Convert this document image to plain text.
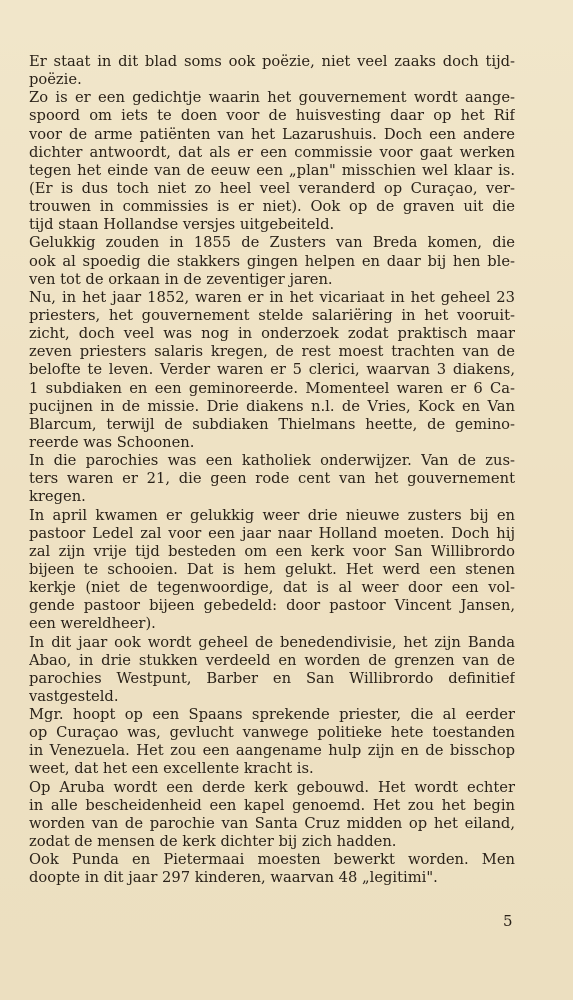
Er staat in dit blad soms ook poëzie, niet veel zaaks doch tijd-
poëzie.
Zo is er een gedichtje waarin het gouvernement wordt aange-
spoord om iets te doen voor de huisvesting daar op het Rif
voor de arme patiënten van het Lazarushuis. Doch een andere
dichter antwoordt, dat als er een commissie voor gaat werken
tegen het einde van de eeuw een „plan" misschien wel klaar is.
(Er is dus toch niet zo heel veel veranderd op Curaçao, ver-
trouwen in commissies is er niet). Ook op de graven uit die
tijd staan Hollandse versjes uitgebeiteld.
Gelukkig zouden in 1855 de Zusters van Breda komen, die
ook al spoedig die stakkers gingen helpen en daar bij hen ble-
ven tot de orkaan in de zeventiger jaren.
Nu, in het jaar 1852, waren er in het vicariaat in het geheel 23
priesters, het gouvernement stelde salariëring in het vooruit-
zicht, doch veel was nog in onderzoek zodat praktisch maar
zeven priesters salaris kregen, de rest moest trachten van de
belofte te leven. Verder waren er 5 clerici, waarvan 3 diakens,
1 subdiaken en een geminoreerde. Momenteel waren er 6 Ca-
pucijnen in de missie. Drie diakens n.l. de Vries, Kock en Van
Blarcum, terwijl de subdiaken Thielmans heette, de gemino-
reerde was Schoonen.
In die parochies was een katholiek onderwijzer. Van de zus-
ters waren er 21, die geen rode cent van het gouvernement
kregen.
In april kwamen er gelukkig weer drie nieuwe zusters bij en
pastoor Ledel zal voor een jaar naar Holland moeten. Doch hij
zal zijn vrije tijd besteden om een kerk voor San Willibrordo
bijeen te schooien. Dat is hem gelukt. Het werd een stenen
kerkje (niet de tegenwoordige, dat is al weer door een vol-
gende pastoor bijeen gebedeld: door pastoor Vincent Jansen,
een wereldheer).
In dit jaar ook wordt geheel de benedendivisie, het zijn Banda
Abao, in drie stukken verdeeld en worden de grenzen van de
parochies Westpunt, Barber en San Willibrordo definitief
vastgesteld.
Mgr. hoopt op een Spaans sprekende priester, die al eerder
op Curaçao was, gevlucht vanwege politieke hete toestanden
in Venezuela. Het zou een aangename hulp zijn en de bisschop
weet, dat het een excellente kracht is.
Op Aruba wordt een derde kerk gebouwd. Het wordt echter
in alle bescheidenheid een kapel genoemd. Het zou het begin
worden van de parochie van Santa Cruz midden op het eiland,
zodat de mensen de kerk dichter bij zich hadden.
Ook Punda en Pietermaai moesten bewerkt worden. Men
doopte in dit jaar 297 kinderen, waarvan 48 „legitimi".
5
